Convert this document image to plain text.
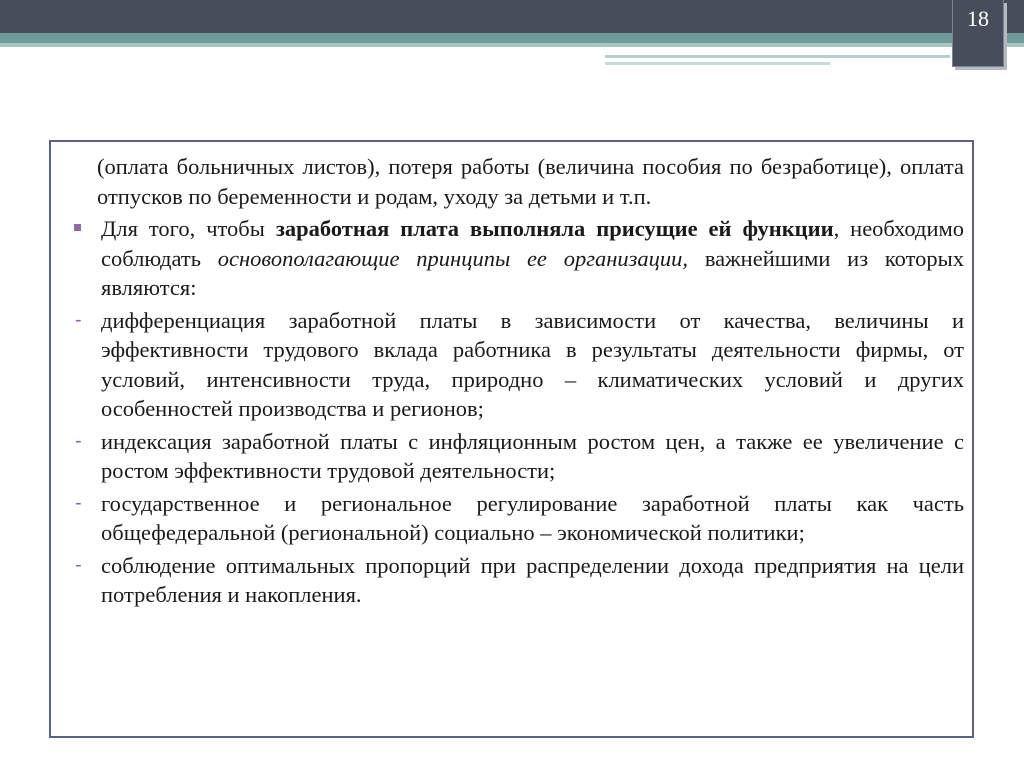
18

(оплата больничных листов), потеря работы (величина пособия по безработице), оплата отпусков по беременности и родам, уходу за детьми и т.п.

Для того, чтобы заработная плата выполняла присущие ей функции, необходимо соблюдать основополагающие принципы ее организации, важнейшими из которых являются:

- дифференциация заработной платы в зависимости от качества, величины и эффективности трудового вклада работника в результаты деятельности фирмы, от условий, интенсивности труда, природно – климатических условий и других особенностей производства и регионов;

- индексация заработной платы с инфляционным ростом цен, а также ее увеличение с ростом эффективности трудовой деятельности;

- государственное и региональное регулирование заработной платы как часть общефедеральной (региональной) социально – экономической политики;

- соблюдение оптимальных пропорций при распределении дохода предприятия на цели потребления и накопления.
